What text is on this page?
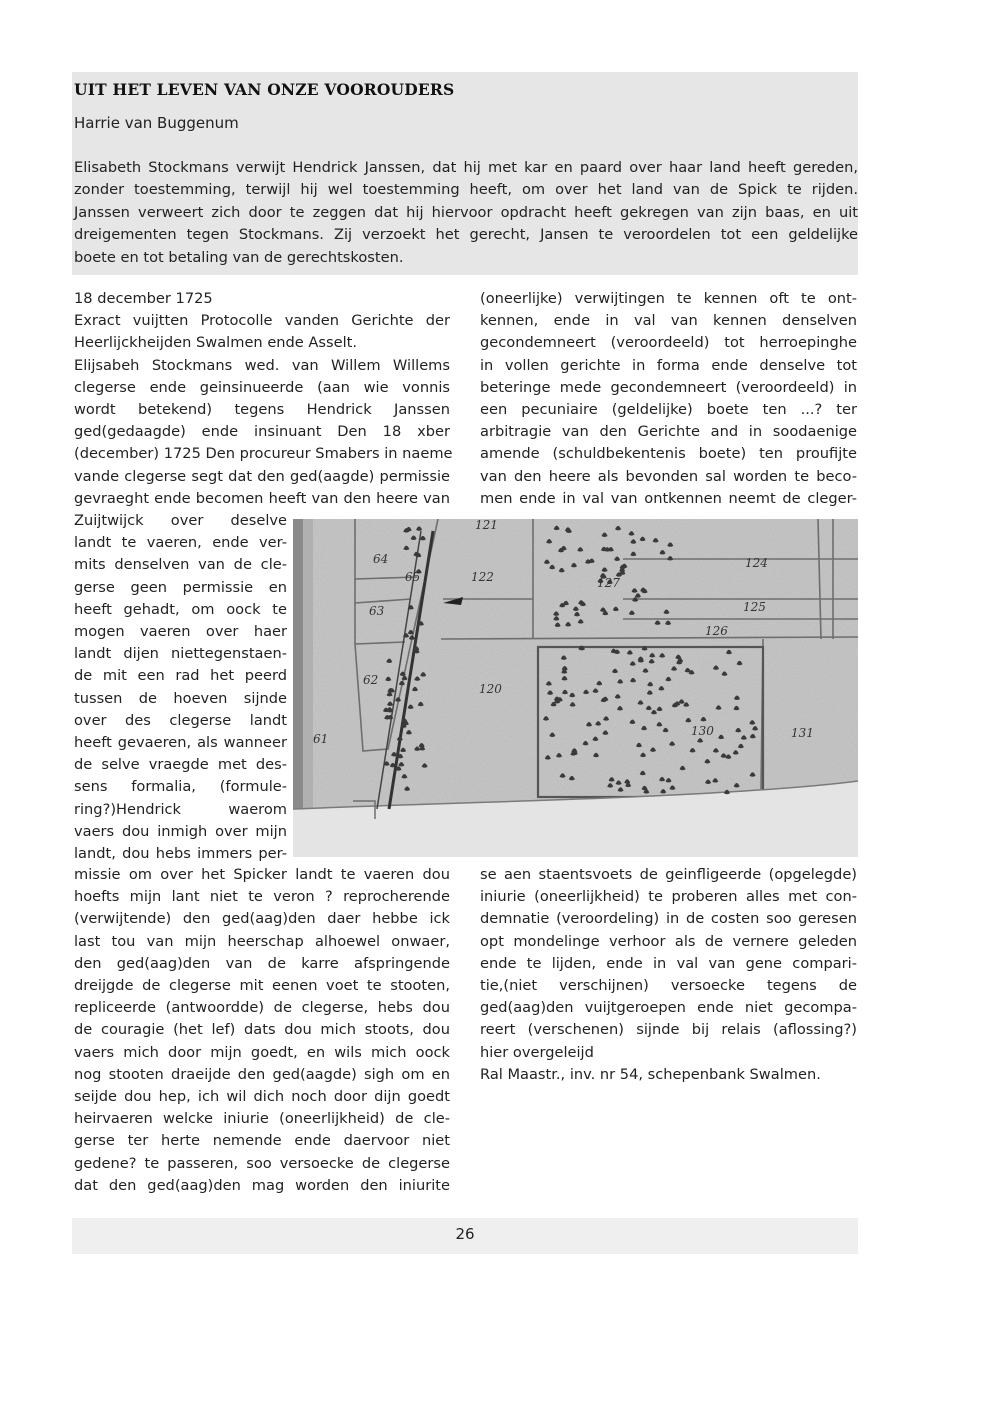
UIT HET LEVEN VAN ONZE VOOROUDERS
Harrie van Buggenum
Elisabeth Stockmans verwijt Hendrick Janssen, dat hij met kar en paard over haar land heeft gereden,
zonder toestemming, terwijl hij wel toestemming heeft, om over het land van de Spick te rijden.
Janssen verweert zich door te zeggen dat hij hiervoor opdracht heeft gekregen van zijn baas, en uit
dreigementen tegen Stockmans. Zij verzoekt het gerecht, Jansen te veroordelen tot een geldelijke
boete en tot betaling van de gerechtskosten.
18 december 1725
Exract vuijtten Protocolle vanden Gerichte der
Heerlijckheijden Swalmen ende Asselt.
Elijsabeh Stockmans wed. van Willem Willems
clegerse ende geinsinueerde (aan wie vonnis
wordt betekend) tegens Hendrick Janssen
ged(gedaagde) ende insinuant Den 18 xber
(december) 1725 Den procureur Smabers in naeme
vande clegerse segt dat den ged(aagde) permissie
gevraeght ende becomen heeft van den heere van
Zuijtwijck over deselve
landt te vaeren, ende ver-
mits denselven van de cle-
gerse geen permissie en
heeft gehadt, om oock te
mogen vaeren over haer
landt dijen niettegenstaen-
de mit een rad het peerd
tussen de hoeven sijnde
over des clegerse landt
heeft gevaeren, als wanneer
de selve vraegde met des-
sens formalia, (formule-
ring?)Hendrick waerom
vaers dou inmigh over mijn
landt, dou hebs immers per-
missie om over het Spicker landt te vaeren dou
hoefts mijn lant niet te veron ? reprocherende
(verwijtende) den ged(aag)den daer hebbe ick
last tou van mijn heerschap alhoewel onwaer,
den ged(aag)den van de karre afspringende
dreijgde de clegerse mit eenen voet te stooten,
repliceerde (antwoordde) de clegerse, hebs dou
de couragie (het lef) dats dou mich stoots, dou
vaers mich door mijn goedt, en wils mich oock
nog stooten draeijde den ged(aagde) sigh om en
seijde dou hep, ich wil dich noch door dijn goedt
heirvaeren welcke iniurie (oneerlijkheid) de cle-
gerse ter herte nemende ende daervoor niet
gedene? te passeren, soo versoecke de clegerse
dat den ged(aag)den mag worden den iniurite
(oneerlijke) verwijtingen te kennen oft te ont-
kennen, ende in val van kennen denselven
gecondemneert (veroordeeld) tot herroepinghe
in vollen gerichte in forma ende denselve tot
beteringe mede gecondemneert (veroordeeld) in
een pecuniaire (geldelijke) boete ten ...? ter
arbitragie van den Gerichte and in soodaenige
amende (schuldbekentenis boete) ten proufijte
van den heere als bevonden sal worden te beco-
men ende in val van ontkennen neemt de cleger-
se aen staentsvoets de geinfligeerde (opgelegde)
iniurie (oneerlijkheid) te proberen alles met con-
demnatie (veroordeling) in de costen soo geresen
opt mondelinge verhoor als de vernere geleden
ende te lijden, ende in val van gene compari-
tie,(niet verschijnen) versoecke tegens de
ged(aag)den vuijtgeroepen ende niet gecompa-
reert (verschenen) sijnde bij relais (aflossing?)
hier overgeleijd
Ral Maastr., inv. nr 54, schepenbank Swalmen.
64
65
63
62
61
121
122
120
124
125
126
127
130	131
26
